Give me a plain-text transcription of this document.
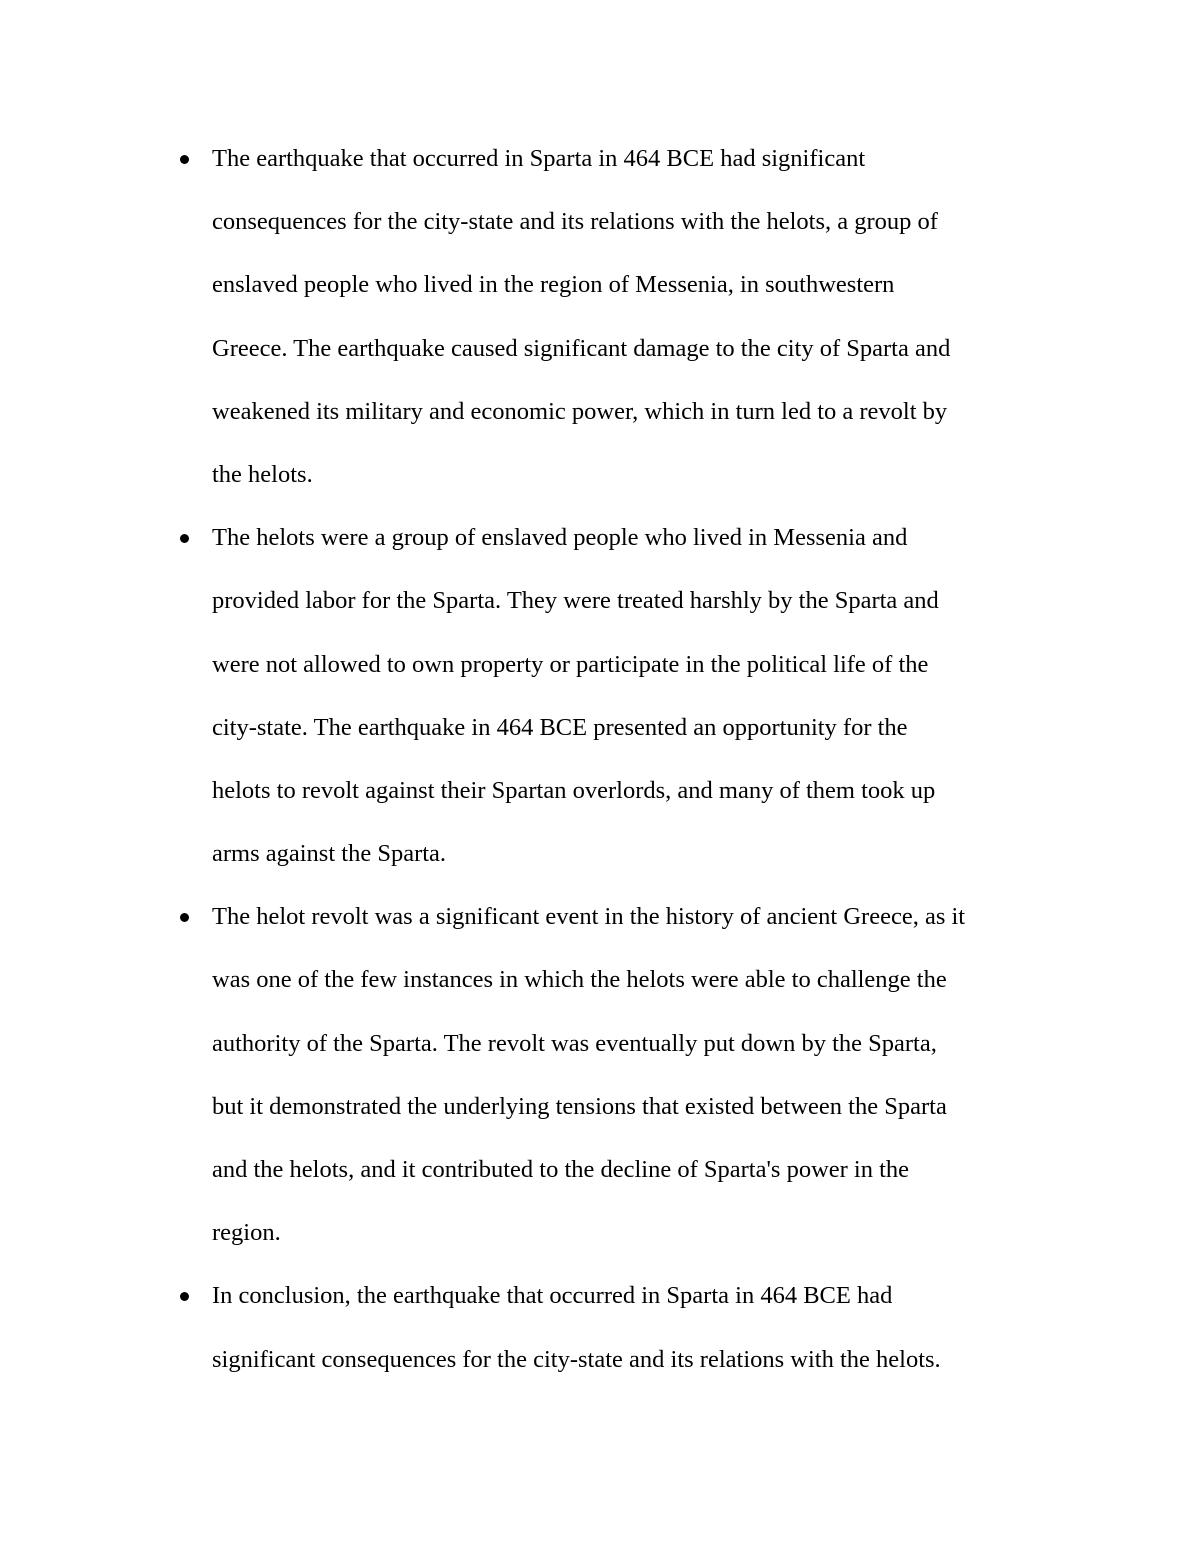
The earthquake that occurred in Sparta in 464 BCE had significant
consequences for the city-state and its relations with the helots, a group of
enslaved people who lived in the region of Messenia, in southwestern
Greece. The earthquake caused significant damage to the city of Sparta and
weakened its military and economic power, which in turn led to a revolt by
the helots.
The helots were a group of enslaved people who lived in Messenia and
provided labor for the Sparta. They were treated harshly by the Sparta and
were not allowed to own property or participate in the political life of the
city-state. The earthquake in 464 BCE presented an opportunity for the
helots to revolt against their Spartan overlords, and many of them took up
arms against the Sparta.
The helot revolt was a significant event in the history of ancient Greece, as it
was one of the few instances in which the helots were able to challenge the
authority of the Sparta. The revolt was eventually put down by the Sparta,
but it demonstrated the underlying tensions that existed between the Sparta
and the helots, and it contributed to the decline of Sparta's power in the
region.
In conclusion, the earthquake that occurred in Sparta in 464 BCE had
significant consequences for the city-state and its relations with the helots.
